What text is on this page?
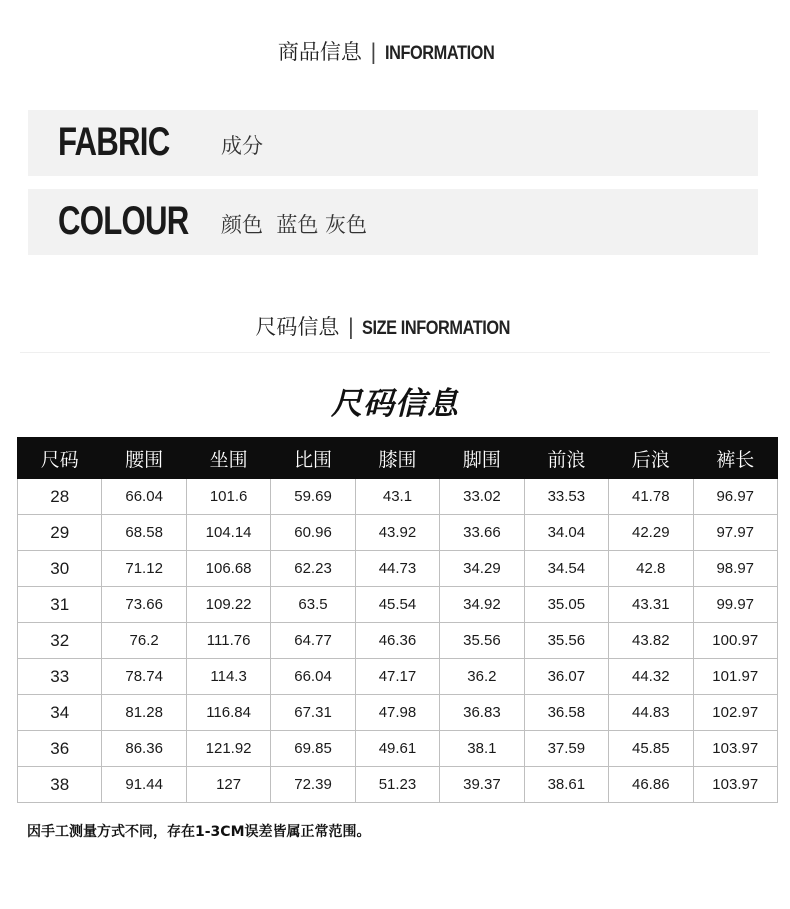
商品信息 | INFORMATION
FABRIC 成分
COLOUR 颜色  蓝色 灰色
尺码信息 | SIZE INFORMATION
尺码信息
尺码	腰围	坐围	比围	膝围	脚围	前浪	后浪	裤长
28	66.04	101.6	59.69	43.1	33.02	33.53	41.78	96.97
29	68.58	104.14	60.96	43.92	33.66	34.04	42.29	97.97
30	71.12	106.68	62.23	44.73	34.29	34.54	42.8	98.97
31	73.66	109.22	63.5	45.54	34.92	35.05	43.31	99.97
32	76.2	111.76	64.77	46.36	35.56	35.56	43.82	100.97
33	78.74	114.3	66.04	47.17	36.2	36.07	44.32	101.97
34	81.28	116.84	67.31	47.98	36.83	36.58	44.83	102.97
36	86.36	121.92	69.85	49.61	38.1	37.59	45.85	103.97
38	91.44	127	72.39	51.23	39.37	38.61	46.86	103.97
因手工测量方式不同，存在1-3CM误差皆属正常范围。
